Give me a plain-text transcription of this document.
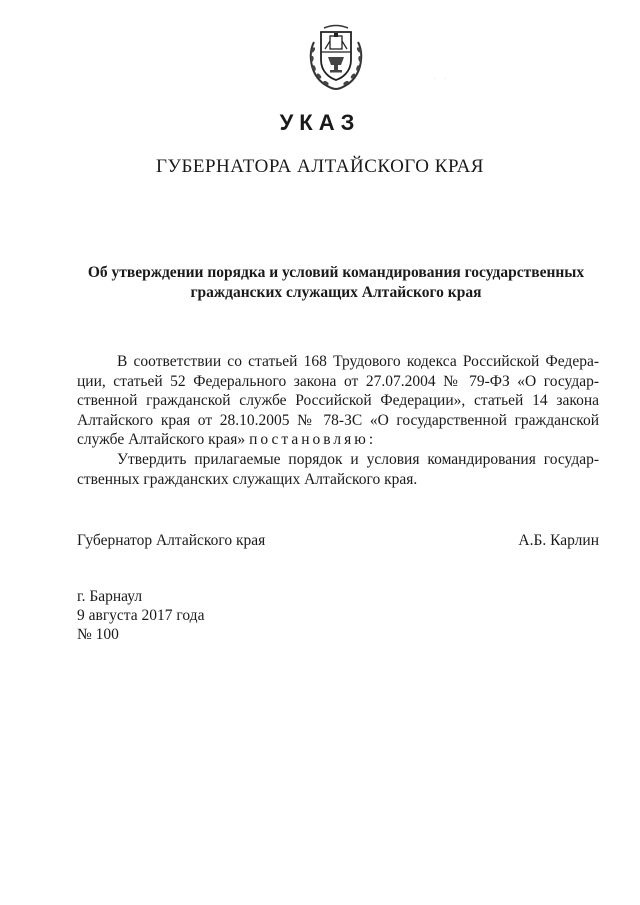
· ·
УКАЗ
ГУБЕРНАТОРА АЛТАЙСКОГО КРАЯ
Об утверждении порядка и условий командирования государственных
гражданских служащих Алтайского края

В соответствии со статьей 168 Трудового кодекса Российской Федера-

ции, статьей 52 Федерального закона от 27.07.2004 № 79-ФЗ «О государ-
ственной гражданской службе Российской Федерации», статьей 14 закона
Алтайского края от 28.10.2005 № 78-ЗС «О государственной гражданской
службе Алтайского края» постановляю:

Утвердить прилагаемые порядок и условия командирования государ-

ственных гражданских служащих Алтайского края.
Губернатор Алтайского края	А.Б. Карлин
г. Барнаул
9 августа 2017 года
№ 100
